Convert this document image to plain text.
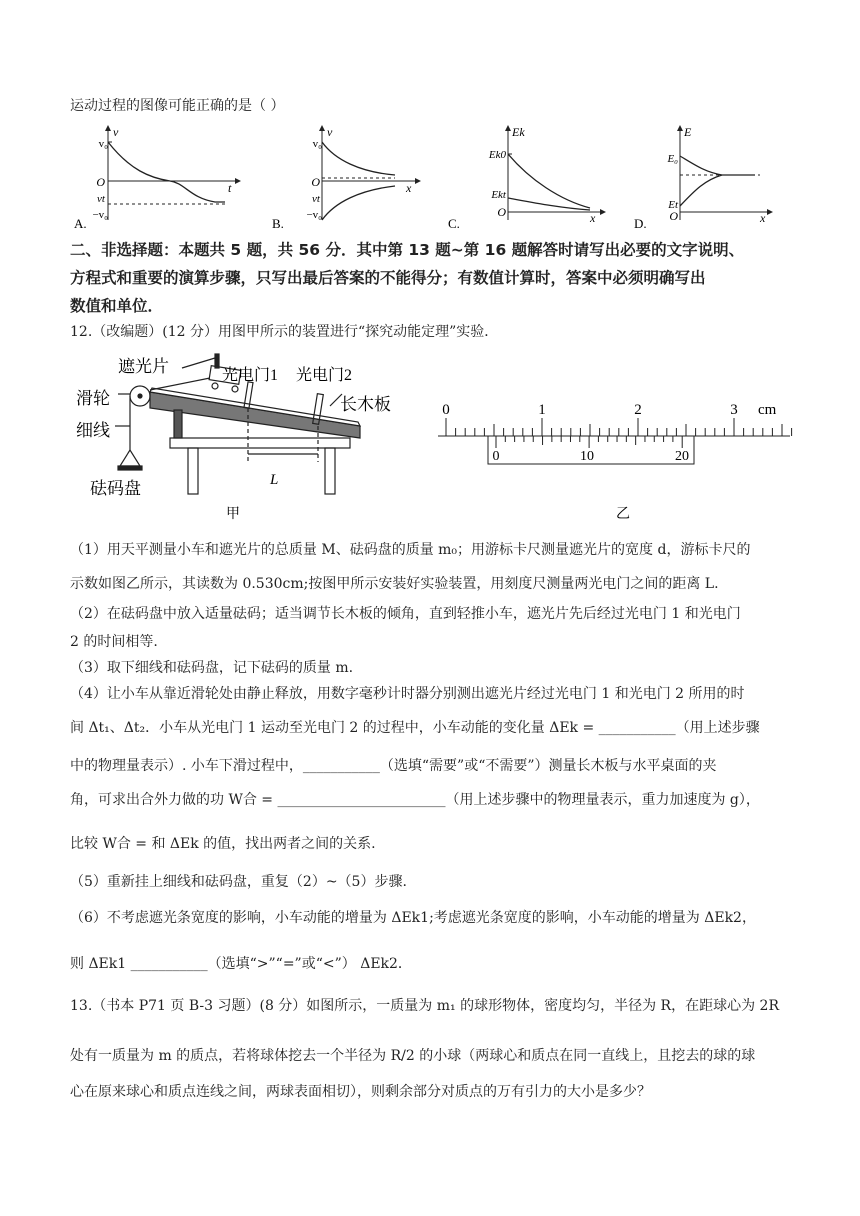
运动过程的图像可能正确的是（ ）
v
v₀
O
vt
−v₀
t
A.
v
v₀
O
vt
−v₀
x
B.
Ek
Ek0
Ekt
O	x
C.
E
E₀
Et
O	x
D.
二、非选择题：本题共 5 题，共 56 分．其中第 13 题~第 16 题解答时请写出必要的文字说明、
方程式和重要的演算步骤，只写出最后答案的不能得分；有数值计算时，答案中必须明确写出
数值和单位．
12.（改编题）(12 分）用图甲所示的装置进行“探究动能定理”实验．
遮光片	光电门1 光电门2
滑轮
细线
长木板
砝码盘	L
甲
0	1	2	3 cm
0	10	20
乙
（1）用天平测量小车和遮光片的总质量 M、砝码盘的质量 m₀；用游标卡尺测量遮光片的宽度 d，游标卡尺的
示数如图乙所示，其读数为 0.530cm;按图甲所示安装好实验装置，用刻度尺测量两光电门之间的距离 L.
（2）在砝码盘中放入适量砝码；适当调节长木板的倾角，直到轻推小车，遮光片先后经过光电门 1 和光电门
2 的时间相等.
（3）取下细线和砝码盘，记下砝码的质量 m.
（4）让小车从靠近滑轮处由静止释放，用数字毫秒计时器分别测出遮光片经过光电门 1 和光电门 2 所用的时
间 Δt₁、Δt₂．小车从光电门 1 运动至光电门 2 的过程中，小车动能的变化量 ΔEk = ___________（用上述步骤
中的物理量表示）. 小车下滑过程中，___________（选填“需要”或“不需要”）测量长木板与水平桌面的夹
角，可求出合外力做的功 W合 = ________________________（用上述步骤中的物理量表示，重力加速度为 g），
比较 W合 = 和 ΔEk 的值，找出两者之间的关系.
（5）重新挂上细线和砝码盘，重复（2）~（5）步骤.
（6）不考虑遮光条宽度的影响，小车动能的增量为 ΔEk1;考虑遮光条宽度的影响，小车动能的增量为 ΔEk2，
则 ΔEk1 ___________（选填“>”“=”或“<”） ΔEk2．
13.（书本 P71 页 B-3 习题）(8 分）如图所示，一质量为 m₁ 的球形物体，密度均匀，半径为 R，在距球心为 2R
处有一质量为 m 的质点，若将球体挖去一个半径为 R/2 的小球（两球心和质点在同一直线上，且挖去的球的球
心在原来球心和质点连线之间，两球表面相切），则剩余部分对质点的万有引力的大小是多少？
